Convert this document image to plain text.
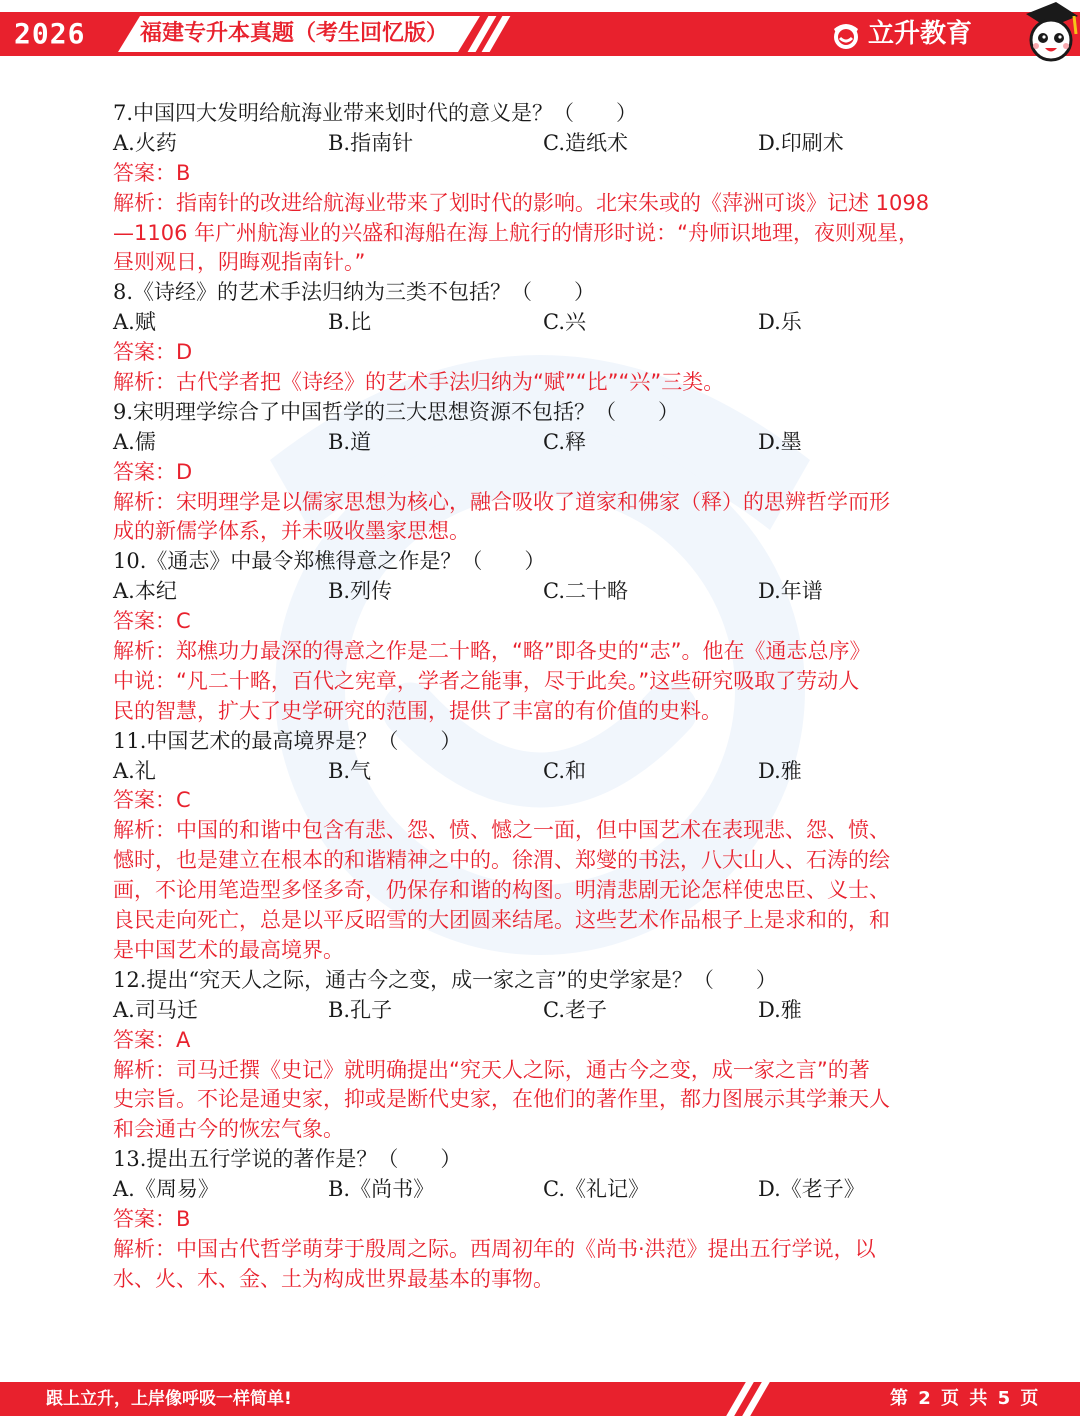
2026 福建专升本真题（考生回忆版）	立升教育
7.中国四大发明给航海业带来划时代的意义是？（　　）
A.火药	B.指南针	C.造纸术	D.印刷术
答案：B
解析：指南针的改进给航海业带来了划时代的影响。北宋朱或的《萍洲可谈》记述 1098
—1106 年广州航海业的兴盛和海船在海上航行的情形时说：“舟师识地理，夜则观星，
昼则观日，阴晦观指南针。”
8.《诗经》的艺术手法归纳为三类不包括？（　　）
A.赋	B.比	C.兴	D.乐
答案：D
解析：古代学者把《诗经》的艺术手法归纳为“赋”“比”“兴”三类。
9.宋明理学综合了中国哲学的三大思想资源不包括？（　　）
A.儒	B.道	C.释	D.墨
答案：D
解析：宋明理学是以儒家思想为核心，融合吸收了道家和佛家（释）的思辨哲学而形
成的新儒学体系，并未吸收墨家思想。
10.《通志》中最令郑樵得意之作是？（　　）
A.本纪	B.列传	C.二十略	D.年谱
答案：C
解析：郑樵功力最深的得意之作是二十略，“略”即各史的“志”。他在《通志总序》
中说：“凡二十略，百代之宪章，学者之能事，尽于此矣。”这些研究吸取了劳动人
民的智慧，扩大了史学研究的范围，提供了丰富的有价值的史料。
11.中国艺术的最高境界是？（　　）
A.礼	B.气	C.和	D.雅
答案：C
解析：中国的和谐中包含有悲、怨、愤、憾之一面，但中国艺术在表现悲、怨、愤、
憾时，也是建立在根本的和谐精神之中的。徐渭、郑燮的书法，八大山人、石涛的绘
画，不论用笔造型多怪多奇，仍保存和谐的构图。明清悲剧无论怎样使忠臣、义士、
良民走向死亡，总是以平反昭雪的大团圆来结尾。这些艺术作品根子上是求和的，和
是中国艺术的最高境界。
12.提出“究天人之际，通古今之变，成一家之言”的史学家是？（　　）
A.司马迁	B.孔子	C.老子	D.雅
答案：A
解析：司马迁撰《史记》就明确提出“究天人之际，通古今之变，成一家之言”的著
史宗旨。不论是通史家，抑或是断代史家，在他们的著作里，都力图展示其学兼天人
和会通古今的恢宏气象。
13.提出五行学说的著作是？（　　）
A.《周易》	B.《尚书》	C.《礼记》	D.《老子》
答案：B
解析：中国古代哲学萌芽于殷周之际。西周初年的《尚书·洪范》提出五行学说，以
水、火、木、金、土为构成世界最基本的事物。
跟上立升，上岸像呼吸一样简单!	第 2 页 共 5 页
